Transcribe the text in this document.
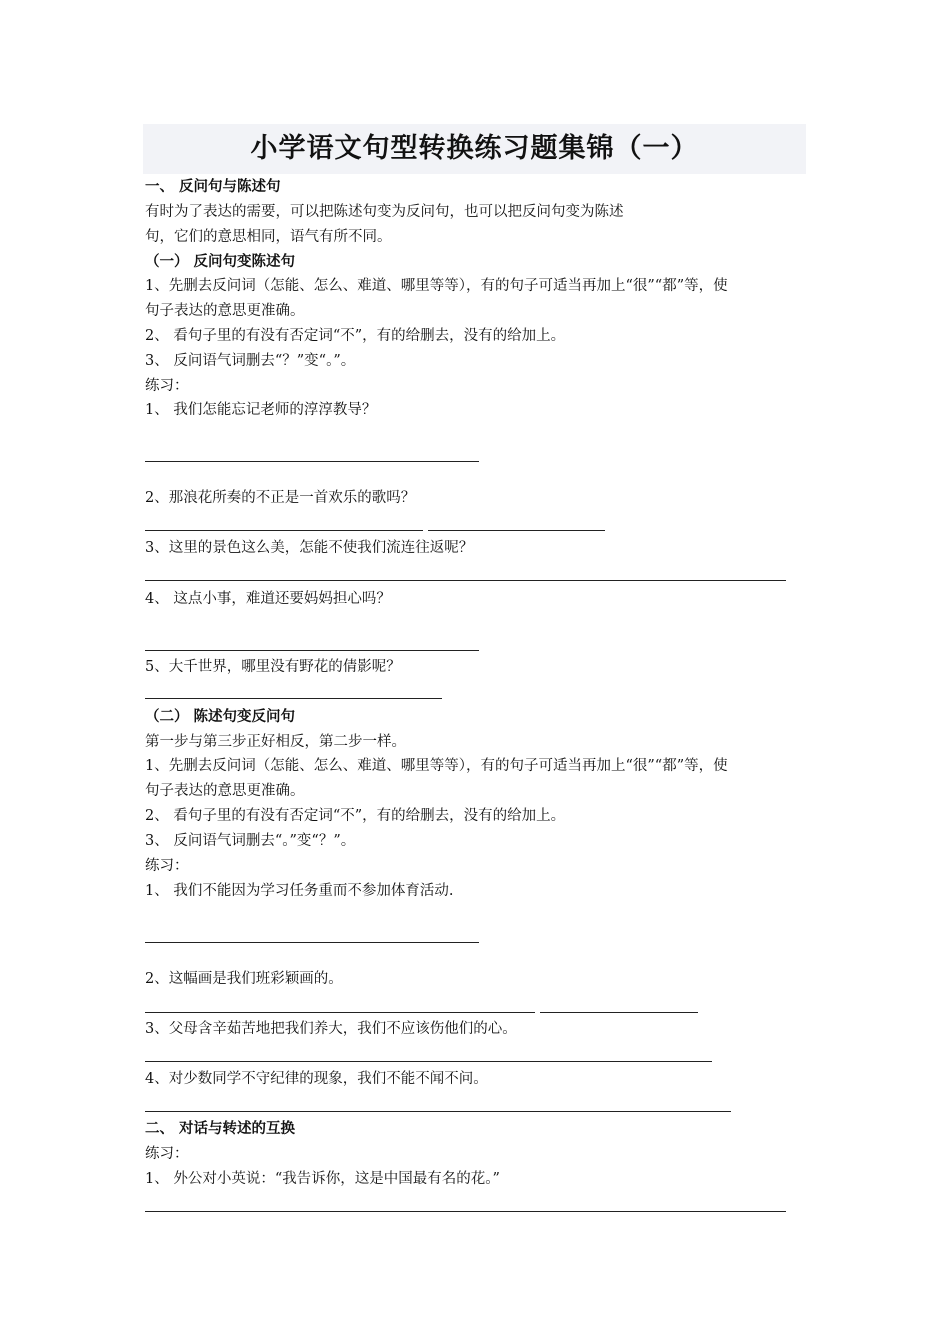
小学语文句型转换练习题集锦（一）
一、 反问句与陈述句
有时为了表达的需要，可以把陈述句变为反问句，也可以把反问句变为陈述
句，它们的意思相同，语气有所不同。
（一） 反问句变陈述句
1、先删去反问词（怎能、怎么、难道、哪里等等），有的句子可适当再加上“很”“都”等，使
句子表达的意思更准确。
2、 看句子里的有没有否定词“不”，有的给删去，没有的给加上。
3、 反问语气词删去“？”变“。”。
练习：
1、 我们怎能忘记老师的淳淳教导？
2、那浪花所奏的不正是一首欢乐的歌吗？
3、这里的景色这么美，怎能不使我们流连往返呢？
4、 这点小事，难道还要妈妈担心吗？
5、大千世界，哪里没有野花的倩影呢？
（二） 陈述句变反问句
第一步与第三步正好相反，第二步一样。
1、先删去反问词（怎能、怎么、难道、哪里等等），有的句子可适当再加上“很”“都”等，使
句子表达的意思更准确。
2、 看句子里的有没有否定词“不”，有的给删去，没有的给加上。
3、 反问语气词删去“。”变“？”。
练习：
1、 我们不能因为学习任务重而不参加体育活动.
2、这幅画是我们班彩颖画的。
3、父母含辛茹苦地把我们养大，我们不应该伤他们的心。
4、对少数同学不守纪律的现象，我们不能不闻不问。
二、 对话与转述的互换
练习：
1、 外公对小英说：“我告诉你，这是中国最有名的花。”
